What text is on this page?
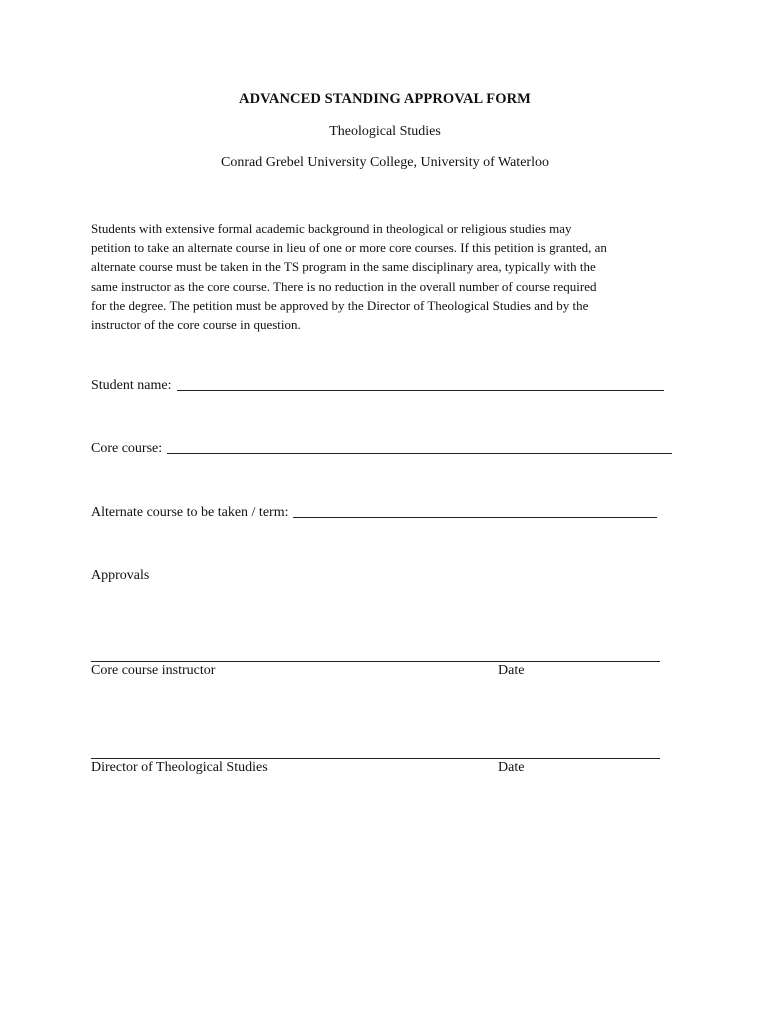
ADVANCED STANDING APPROVAL FORM
Theological Studies
Conrad Grebel University College, University of Waterloo
Students with extensive formal academic background in theological or religious studies may
petition to take an alternate course in lieu of one or more core courses. If this petition is granted, an
alternate course must be taken in the TS program in the same disciplinary area, typically with the
same instructor as the core course. There is no reduction in the overall number of course required
for the degree. The petition must be approved by the Director of Theological Studies and by the
instructor of the core course in question.
Student name:
Core course:
Alternate course to be taken / term:
Approvals
Core course instructor	Date
Director of Theological Studies	Date
